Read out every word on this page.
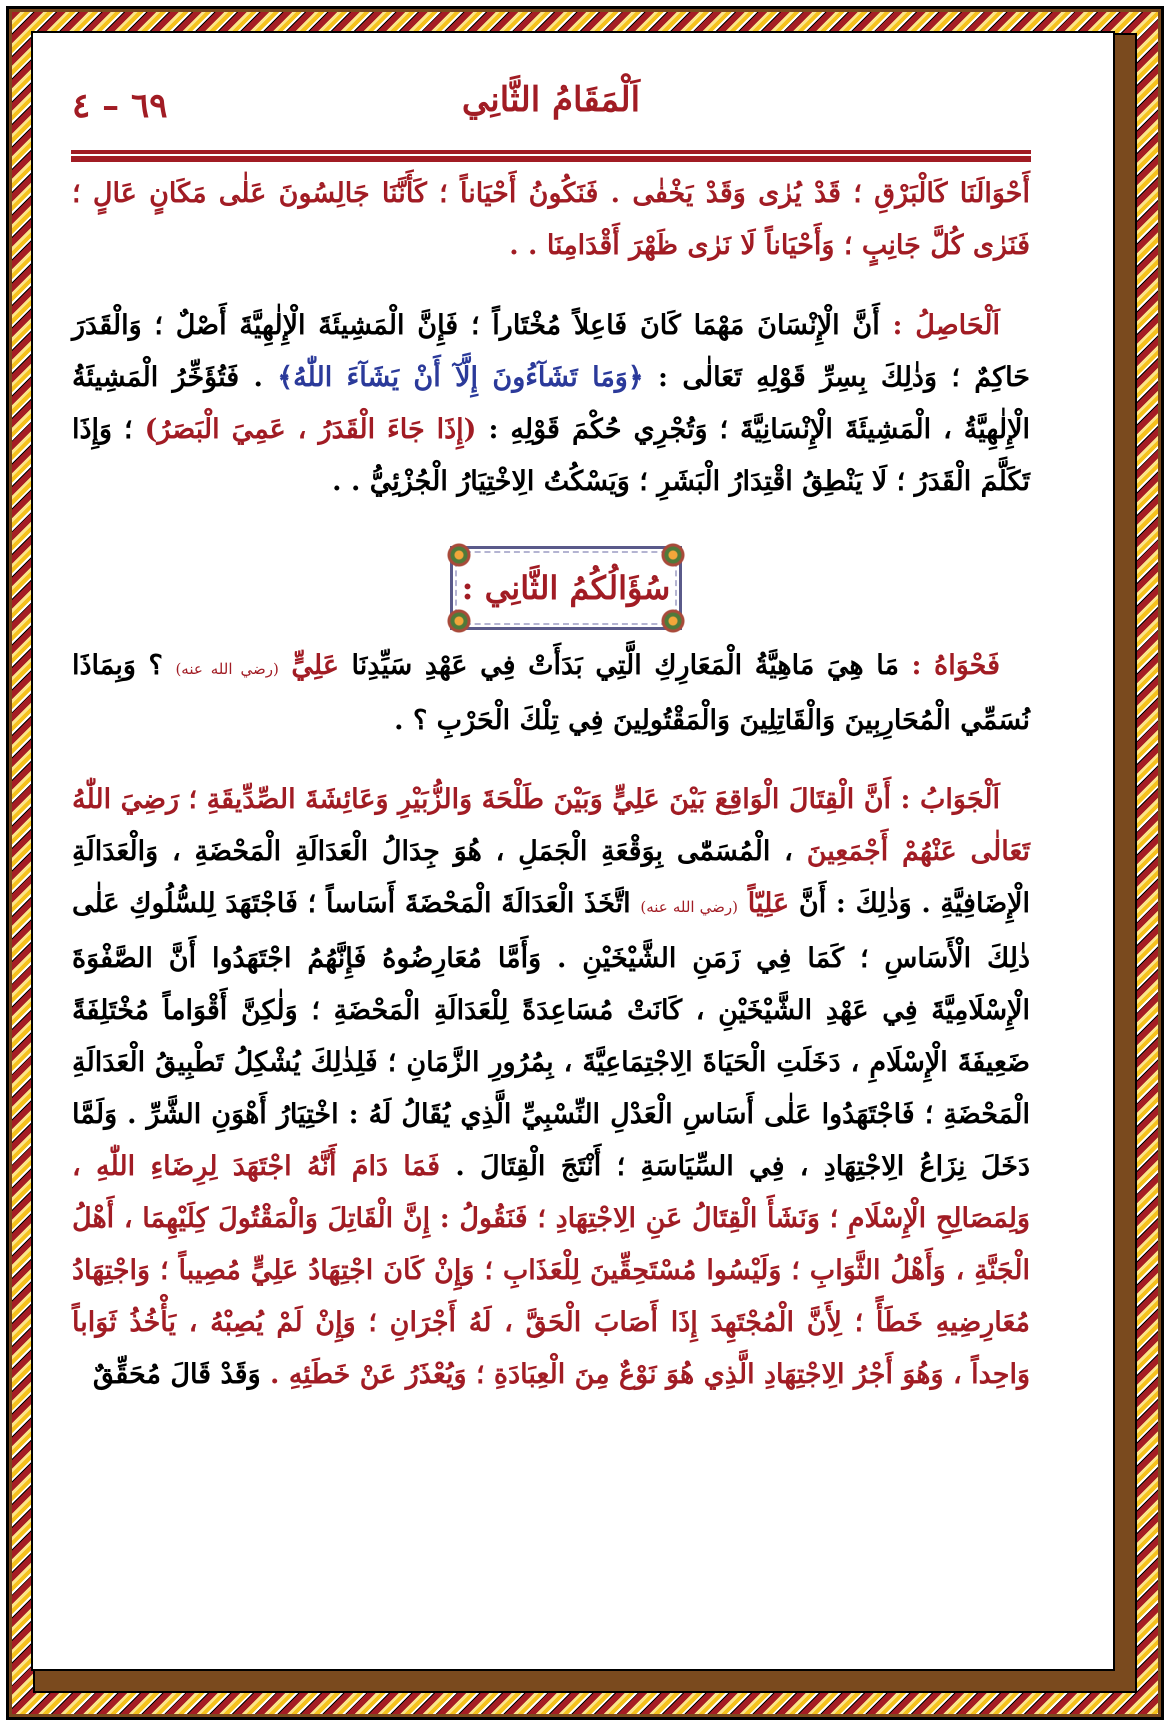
٦٩ – ٤	اَلْمَقَامُ الثَّانِي
أَحْوَالَنَا كَالْبَرْقِ ؛ قَدْ يُرٰى وَقَدْ يَخْفٰى . فَنَكُونُ أَحْيَاناً ؛ كَأَنَّنَا جَالِسُونَ عَلٰى مَكَانٍ عَالٍ ؛ فَنَرٰى كُلَّ جَانِبٍ ؛ وَأَحْيَاناً لَا نَرٰى ظَهْرَ أَقْدَامِنَا . .
اَلْحَاصِلُ : أَنَّ الْإِنْسَانَ مَهْمَا كَانَ فَاعِلاً مُخْتَاراً ؛ فَإِنَّ الْمَشِيئَةَ الْإِلٰهِيَّةَ أَصْلٌ ؛ وَالْقَدَرَ حَاكِمٌ ؛ وَذٰلِكَ بِسِرِّ قَوْلِهِ تَعَالٰى : ﴿وَمَا تَشَآءُونَ إِلَّآ أَنْ يَشَآءَ اللّٰهُ﴾ . فَتُؤَخِّرُ الْمَشِيئَةُ الْإِلٰهِيَّةُ ، الْمَشِيئَةَ الْإِنْسَانِيَّةَ ؛ وَتُجْرِي حُكْمَ قَوْلِهِ : (إِذَا جَاءَ الْقَدَرُ ، عَمِيَ الْبَصَرُ) ؛ وَإِذَا تَكَلَّمَ الْقَدَرُ ؛ لَا يَنْطِقُ اقْتِدَارُ الْبَشَرِ ؛ وَيَسْكُتُ الِاخْتِيَارُ الْجُزْئِيُّ . .
سُؤَالُكُمُ الثَّانِي :
فَحْوَاهُ : مَا هِيَ مَاهِيَّةُ الْمَعَارِكِ الَّتِي بَدَأَتْ فِي عَهْدِ سَيِّدِنَا عَلِيٍّ (رضي الله عنه) ؟ وَبِمَاذَا نُسَمِّي الْمُحَارِبِينَ وَالْقَاتِلِينَ وَالْمَقْتُولِينَ فِي تِلْكَ الْحَرْبِ ؟ .
اَلْجَوَابُ : أَنَّ الْقِتَالَ الْوَاقِعَ بَيْنَ عَلِيٍّ وَبَيْنَ طَلْحَةَ وَالزُّبَيْرِ وَعَائِشَةَ الصِّدِّيقَةِ ؛ رَضِيَ اللّٰهُ تَعَالٰى عَنْهُمْ أَجْمَعِينَ ، الْمُسَمّٰى بِوَقْعَةِ الْجَمَلِ ، هُوَ جِدَالُ الْعَدَالَةِ الْمَحْضَةِ ، وَالْعَدَالَةِ الْإِضَافِيَّةِ . وَذٰلِكَ : أَنَّ عَلِيّاً (رضي الله عنه) اتَّخَذَ الْعَدَالَةَ الْمَحْضَةَ أَسَاساً ؛ فَاجْتَهَدَ لِلسُّلُوكِ عَلٰى ذٰلِكَ الْأَسَاسِ ؛ كَمَا فِي زَمَنِ الشَّيْخَيْنِ . وَأَمَّا مُعَارِضُوهُ فَإِنَّهُمُ اجْتَهَدُوا أَنَّ الصَّفْوَةَ الْإِسْلَامِيَّةَ فِي عَهْدِ الشَّيْخَيْنِ ، كَانَتْ مُسَاعِدَةً لِلْعَدَالَةِ الْمَحْضَةِ ؛ وَلٰكِنَّ أَقْوَاماً مُخْتَلِفَةً ضَعِيفَةَ الْإِسْلَامِ ، دَخَلَتِ الْحَيَاةَ الِاجْتِمَاعِيَّةَ ، بِمُرُورِ الزَّمَانِ ؛ فَلِذٰلِكَ يُشْكِلُ تَطْبِيقُ الْعَدَالَةِ الْمَحْضَةِ ؛ فَاجْتَهَدُوا عَلٰى أَسَاسِ الْعَدْلِ النِّسْبِيِّ الَّذِي يُقَالُ لَهُ : اخْتِيَارُ أَهْوَنِ الشَّرِّ . وَلَمَّا دَخَلَ نِزَاعُ الِاجْتِهَادِ ، فِي السِّيَاسَةِ ؛ أَنْتَجَ الْقِتَالَ . فَمَا دَامَ أَنَّهُ اجْتَهَدَ لِرِضَاءِ اللّٰهِ ، وَلِمَصَالِحِ الْإِسْلَامِ ؛ وَنَشَأَ الْقِتَالُ عَنِ الِاجْتِهَادِ ؛ فَنَقُولُ : إِنَّ الْقَاتِلَ وَالْمَقْتُولَ كِلَيْهِمَا ، أَهْلُ الْجَنَّةِ ، وَأَهْلُ الثَّوَابِ ؛ وَلَيْسُوا مُسْتَحِقِّينَ لِلْعَذَابِ ؛ وَإِنْ كَانَ اجْتِهَادُ عَلِيٍّ مُصِيباً ؛ وَاجْتِهَادُ مُعَارِضِيهِ خَطَأً ؛ لِأَنَّ الْمُجْتَهِدَ إِذَا أَصَابَ الْحَقَّ ، لَهُ أَجْرَانِ ؛ وَإِنْ لَمْ يُصِبْهُ ، يَأْخُذُ ثَوَاباً وَاحِداً ، وَهُوَ أَجْرُ الِاجْتِهَادِ الَّذِي هُوَ نَوْعٌ مِنَ الْعِبَادَةِ ؛ وَيُعْذَرُ عَنْ خَطَئِهِ . وَقَدْ قَالَ مُحَقِّقٌ
